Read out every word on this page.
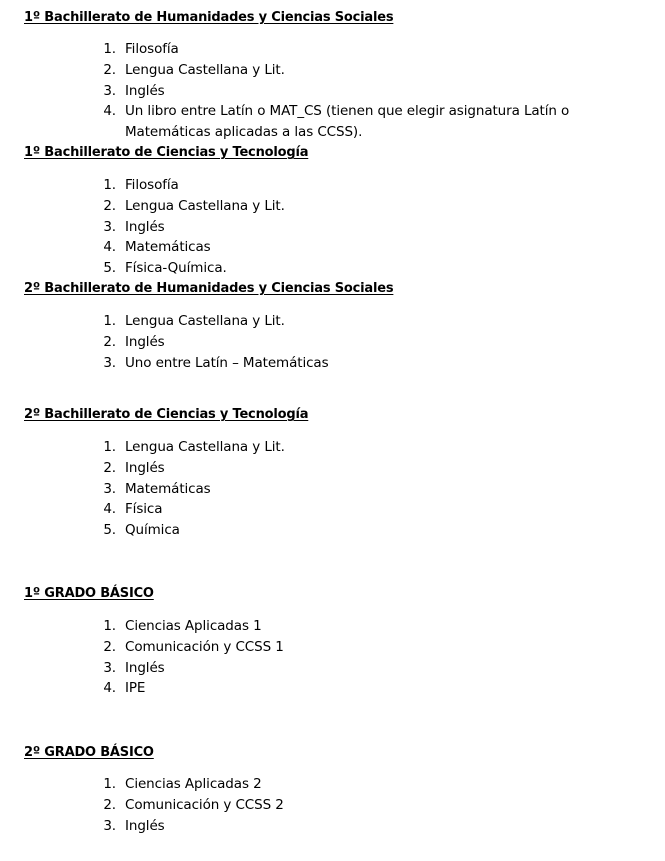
1º Bachillerato de Humanidades y Ciencias Sociales
1. Filosofía
2. Lengua Castellana y Lit.
3. Inglés
4. Un libro entre Latín o MAT_CS (tienen que elegir asignatura Latín o
Matemáticas aplicadas a las CCSS).
1º Bachillerato de Ciencias y Tecnología
1. Filosofía
2. Lengua Castellana y Lit.
3. Inglés
4. Matemáticas
5. Física-Química.
2º Bachillerato de Humanidades y Ciencias Sociales
1. Lengua Castellana y Lit.
2. Inglés
3. Uno entre Latín – Matemáticas
2º Bachillerato de Ciencias y Tecnología
1. Lengua Castellana y Lit.
2. Inglés
3. Matemáticas
4. Física
5. Química
1º GRADO BÁSICO
1. Ciencias Aplicadas 1
2. Comunicación y CCSS 1
3. Inglés
4. IPE
2º GRADO BÁSICO
1. Ciencias Aplicadas 2
2. Comunicación y CCSS 2
3. Inglés
